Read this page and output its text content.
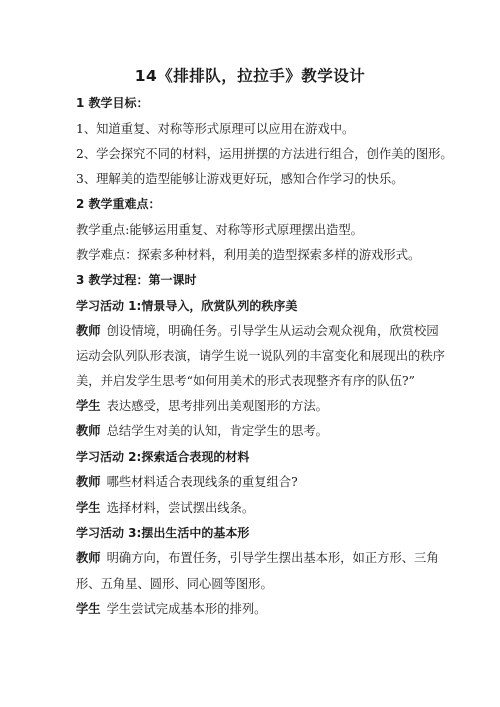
14《排排队，拉拉手》教学设计
1 教学目标：
1、知道重复、对称等形式原理可以应用在游戏中。
2、学会探究不同的材料，运用拼摆的方法进行组合，创作美的图形。
3、理解美的造型能够让游戏更好玩，感知合作学习的快乐。
2 教学重难点：
教学重点:能够运用重复、对称等形式原理摆出造型。
教学难点：探索多种材料，利用美的造型探索多样的游戏形式。
3 教学过程：第一课时
学习活动 1:情景导入，欣赏队列的秩序美
教师 创设情境，明确任务。引导学生从运动会观众视角，欣赏校园
运动会队列队形表演，请学生说一说队列的丰富变化和展现出的秩序
美，并启发学生思考“如何用美术的形式表现整齐有序的队伍?”
学生 表达感受，思考排列出美观图形的方法。
教师 总结学生对美的认知，肯定学生的思考。
学习活动 2:探索适合表现的材料
教师 哪些材料适合表现线条的重复组合?
学生 选择材料，尝试摆出线条。
学习活动 3:摆出生活中的基本形
教师 明确方向，布置任务，引导学生摆出基本形，如正方形、三角
形、五角星、圆形、同心圆等图形。
学生 学生尝试完成基本形的排列。
